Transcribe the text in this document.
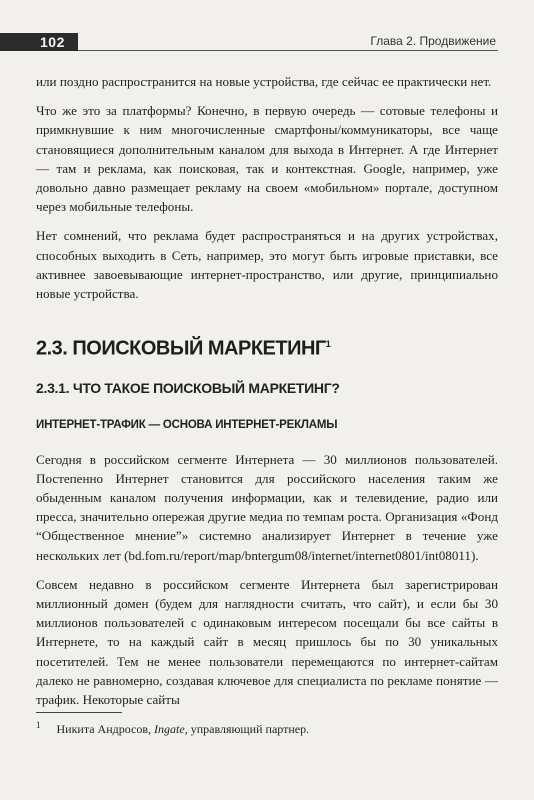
102	Глава 2. Продвижение

или поздно распространится на новые устройства, где сейчас ее практически нет.

Что же это за платформы? Конечно, в первую очередь — сотовые телефоны и примкнувшие к ним многочисленные смартфоны/коммуникаторы, все чаще становящиеся дополнительным каналом для выхода в Интернет. А где Интернет — там и реклама, как поисковая, так и контекстная. Google, например, уже довольно давно размещает рекламу на своем «мобильном» портале, доступном через мобильные телефоны.

Нет сомнений, что реклама будет распространяться и на других устройствах, способных выходить в Сеть, например, это могут быть игровые приставки, все активнее завоевывающие интернет-пространство, или другие, принципиально новые устройства.

2.3. ПОИСКОВЫЙ МАРКЕТИНГ$^1$
2.3.1. ЧТО ТАКОЕ ПОИСКОВЫЙ МАРКЕТИНГ?
ИНТЕРНЕТ-ТРАФИК — ОСНОВА ИНТЕРНЕТ-РЕКЛАМЫ

Сегодня в российском сегменте Интернета — 30 миллионов пользователей. Постепенно Интернет становится для российского населения таким же обыденным каналом получения информации, как и телевидение, радио или пресса, значительно опережая другие медиа по темпам роста. Организация «Фонд “Общественное мнение”» системно анализирует Интернет в течение уже нескольких лет (bd.fom.ru/report/map/bntergum08/internet/internet0801/int08011).

Совсем недавно в российском сегменте Интернета был зарегистрирован миллионный домен (будем для наглядности считать, что сайт), и если бы 30 миллионов пользователей с одинаковым интересом посещали бы все сайты в Интернете, то на каждый сайт в месяц пришлось бы по 30 уникальных посетителей. Тем не менее пользователи перемещаются по интернет-сайтам далеко не равномерно, создавая ключевое для специалиста по рекламе понятие — трафик. Некоторые сайты

$^1$ Никита Андросов, Ingate, управляющий партнер.
